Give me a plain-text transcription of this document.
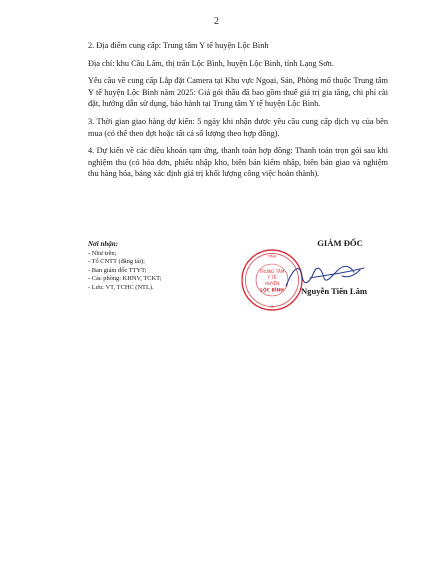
2

2. Địa điểm cung cấp: Trung tâm Y tế huyện Lộc Bình

Địa chỉ: khu Cầu Lấm, thị trấn Lộc Bình, huyện Lộc Bình, tỉnh Lạng Sơn.

Yêu cầu về cung cấp Lắp đặt Camera tại Khu vực Ngoại, Sản, Phòng mổ thuộc Trung tâm Y tế huyện Lộc Bình năm 2025: Giá gói thầu đã bao gồm thuế giá trị gia tăng, chi phí cài đặt, hướng dẫn sử dụng, bảo hành tại Trung tâm Y tế huyện Lộc Bình.

3. Thời gian giao hàng dự kiến: 5 ngày khi nhận được yêu cầu cung cấp dịch vụ của bên mua (có thể theo đợt hoặc tất cả số lượng theo hợp đồng).

4. Dự kiến về các điều khoản tạm ứng, thanh toán hợp đồng: Thanh toán trọn gói sau khi nghiệm thu (có hóa đơn, phiếu nhập kho, biên bản kiểm nhập, biên bản giao và nghiệm thu hàng hóa, bảng xác định giá trị khối lượng công việc hoàn thành).

Nơi nhận:
- Như trên;
- Tổ CNTT (đăng tải);
- Ban giám đốc TTYT;
- Các phòng: KHNV, TCKT;
- Lưu: VT, TCHC (NTL).
GIÁM ĐỐC
TỈNH
TRUNG TÂM
Y TẾ
HUYỆN
LỘC BÌNH
★
Nguyễn Tiến Lâm
